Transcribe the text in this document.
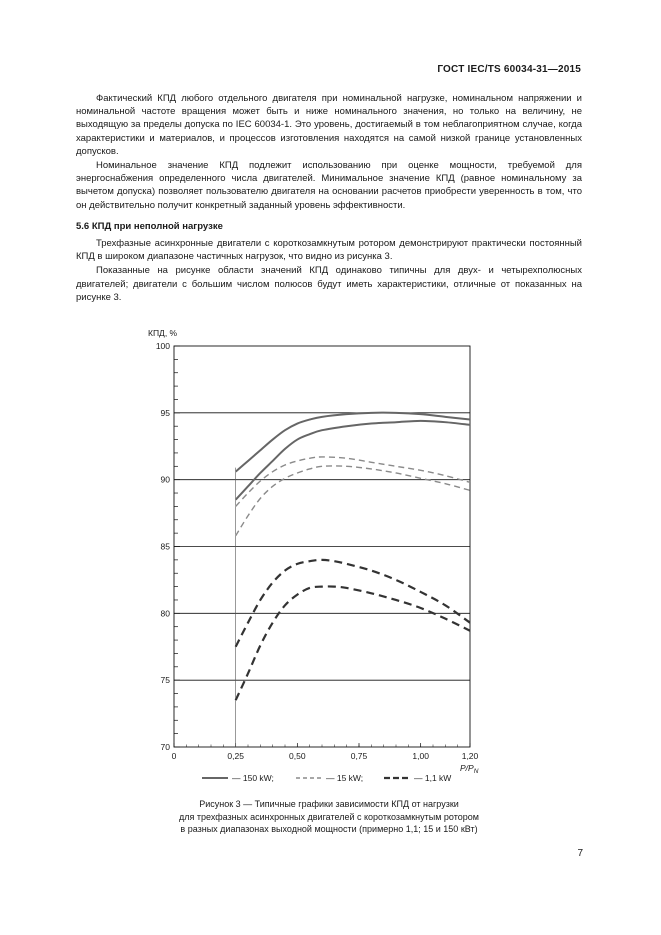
ГОСТ IEC/TS 60034-31—2015

Фактический КПД любого отдельного двигателя при номинальной нагрузке, номинальном напряжении и номинальной частоте вращения может быть и ниже номинального значения, но только на величину, не выходящую за пределы допуска по IEC 60034-1. Это уровень, достигаемый в том неблагоприятном случае, когда характеристики и материалов, и процессов изготовления находятся на самой низкой границе установленных допусков.

Номинальное значение КПД подлежит использованию при оценке мощности, требуемой для энергоснабжения определенного числа двигателей. Минимальное значение КПД (равное номинальному за вычетом допуска) позволяет пользователю двигателя на основании расчетов приобрести уверенность в том, что он действительно получит конкретный заданный уровень эффективности.

5.6 КПД при неполной нагрузке

Трехфазные асинхронные двигатели с короткозамкнутым ротором демонстрируют практически постоянный КПД в широком диапазоне частичных нагрузок, что видно из рисунка 3.

Показанные на рисунке области значений КПД одинаково типичны для двух- и четырехполюсных двигателей; двигатели с большим числом полюсов будут иметь характеристики, отличные от показанных на рисунке 3.

70
75
80
85
90
95
100
0	0,25	0,50	0,75	1,00	1,20
КПД, %
$P/P_N$
— 150 kW;	— 15 kW;	— 1,1 kW
Рисунок 3 — Типичные графики зависимости КПД от нагрузки
для трехфазных асинхронных двигателей с короткозамкнутым ротором
в разных диапазонах выходной мощности (примерно 1,1; 15 и 150 кВт)
7
